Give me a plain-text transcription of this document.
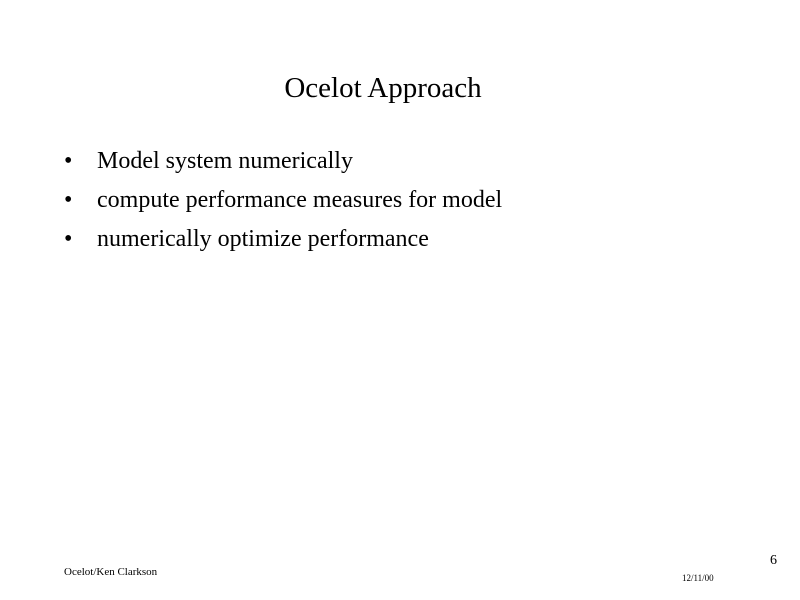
Ocelot Approach
• Model system numerically
• compute performance measures for model
• numerically optimize performance
Ocelot/Ken Clarkson	12/11/00
6
